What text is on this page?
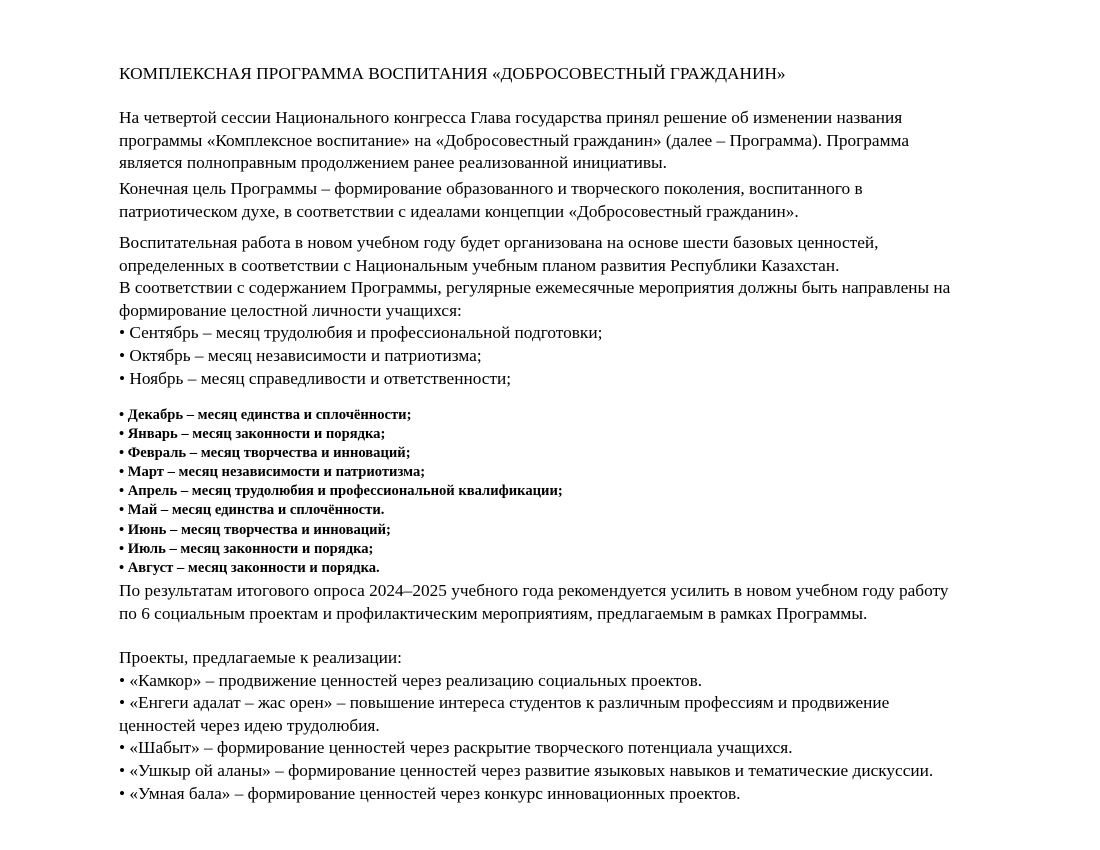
КОМПЛЕКСНАЯ ПРОГРАММА ВОСПИТАНИЯ «ДОБРОСОВЕСТНЫЙ ГРАЖДАНИН»
На четвертой сессии Национального конгресса Глава государства принял решение об изменении названия
программы «Комплексное воспитание» на «Добросовестный гражданин» (далее – Программа). Программа
является полноправным продолжением ранее реализованной инициативы.
Конечная цель Программы – формирование образованного и творческого поколения, воспитанного в
патриотическом духе, в соответствии с идеалами концепции «Добросовестный гражданин».
Воспитательная работа в новом учебном году будет организована на основе шести базовых ценностей,
определенных в соответствии с Национальным учебным планом развития Республики Казахстан.
В соответствии с содержанием Программы, регулярные ежемесячные мероприятия должны быть направлены на
формирование целостной личности учащихся:
• Сентябрь – месяц трудолюбия и профессиональной подготовки;
• Октябрь – месяц независимости и патриотизма;
• Ноябрь – месяц справедливости и ответственности;
• Декабрь – месяц единства и сплочённости;
• Январь – месяц законности и порядка;
• Февраль – месяц творчества и инноваций;
• Март – месяц независимости и патриотизма;
• Апрель – месяц трудолюбия и профессиональной квалификации;
• Май – месяц единства и сплочённости.
• Июнь – месяц творчества и инноваций;
• Июль – месяц законности и порядка;
• Август – месяц законности и порядка.
По результатам итогового опроса 2024–2025 учебного года рекомендуется усилить в новом учебном году работу
по 6 социальным проектам и профилактическим мероприятиям, предлагаемым в рамках Программы.
Проекты, предлагаемые к реализации:
• «Камкор» – продвижение ценностей через реализацию социальных проектов.
• «Енгеги адалат – жас орен» – повышение интереса студентов к различным профессиям и продвижение
ценностей через идею трудолюбия.
• «Шабыт» – формирование ценностей через раскрытие творческого потенциала учащихся.
• «Ушкыр ой аланы» – формирование ценностей через развитие языковых навыков и тематические дискуссии.
• «Умная бала» – формирование ценностей через конкурс инновационных проектов.
